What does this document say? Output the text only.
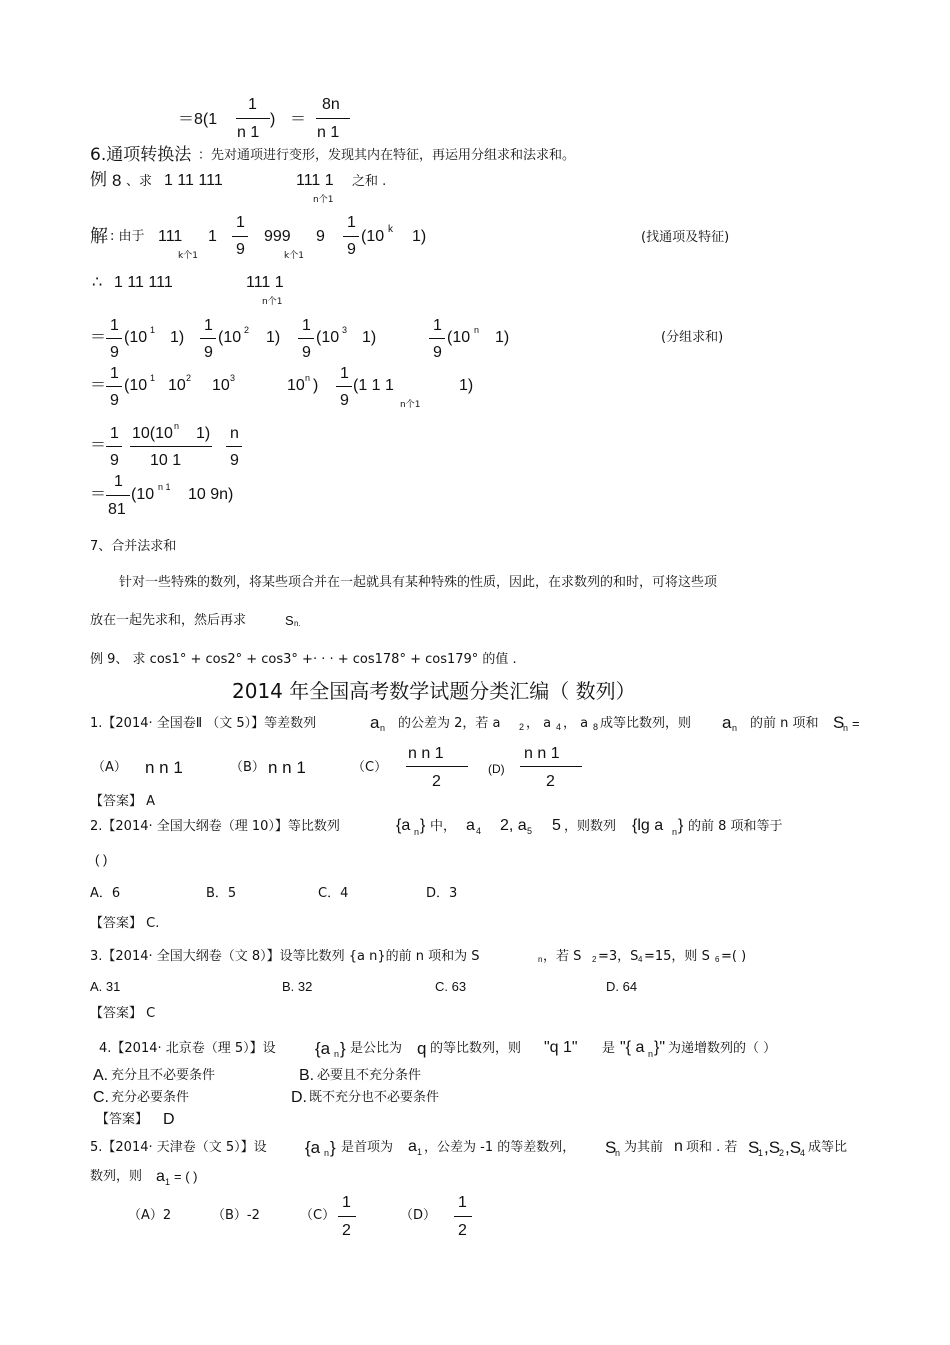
＝8(1
1
n 1
) ＝
8n
n 1
6.通项转换法 ：先对通项进行变形，发现其内在特征，再运用分组求和法求和。
例 8 、求 1 11 111	111 1 之和 .
n个1
解 : 由于 111 1
k个1
1
9
999 9
k个1
1
9
(10 k 1)	(找通项及特征)
∴ 1 11 111	111 1
n个1
＝
1
9
(10 1 1)
1
9
(10 2 1)
1
9
(10 3 1)
1
9
(10 n 1)	(分组求和)
＝
1
9
(10 1 10 2 10 3	10 n )
1
9
(1 1 1	1)
n个1
＝
1
9
10(10 n 1)
10 1
n
9
＝
1
81
(10 n 1 10 9n)
7、合并法求和
针对一些特殊的数列，将某些项合并在一起就具有某种特殊的性质，因此，在求数列的和时，可将这些项
放在一起先求和，然后再求	S n.
例 9、 求 cos1° + cos2° + cos3° +· · · + cos178° + cos179° 的值 .
2014 年全国高考数学试题分类汇编（ 数列）
1.【2014· 全国卷Ⅱ （文 5）】等差数列	a n 的公差为 2，若 a 2 ， a 4 ， a 8 成等比数列，则 a n 的前 n 项和 S
n =
（A） n n 1	（B） n n 1	（C）
n n 1
2
(D)
n n 1
2
【答案】 A
2.【2014· 全国大纲卷（理 10）】等比数列	{a n } 中， a 4 2, a 5 5 ，则数列 {lg a n } 的前 8 项和等于
( )
A．6	B．5	C．4	D．3
【答案】 C.
3.【2014· 全国大纲卷（文 8）】设等比数列 {a n}的前 n 项和为 S	n ，若 S 2 =3，S 4 =15，则 S 6 =( )
A. 31	B. 32	C. 63	D. 64
【答案】 C
4.【2014· 北京卷（理 5）】设 {a n } 是公比为 q 的等比数列，则 "q 1" 是 "{ a n }" 为递增数列的（ ）
A. 充分且不必要条件	B. 必要且不充分条件
C. 充分必要条件	D. 既不充分也不必要条件
【答案】 D
5.【2014· 天津卷（文 5）】设 {a n } 是首项为 a 1 ，公差为 -1 的等差数列， S
n 为其前 n 项和 . 若 S
1 ,S
2 ,S
4 成等比
数列，则 a 1 = ( )
（A）2	（B）-2	（C）
1
2
（D）
1
2
